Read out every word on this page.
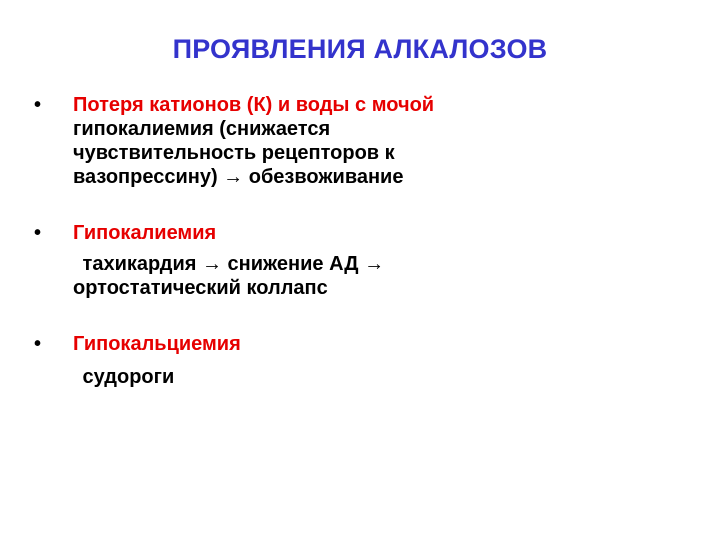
ПРОЯВЛЕНИЯ АЛКАЛОЗОВ
• Потеря катионов (К) и воды с мочой
гипокалиемия (снижается
чувствительность рецепторов к
вазопрессину) → обезвоживание
• Гипокалиемия
тахикардия → снижение АД →
ортостатический коллапс
• Гипокальциемия
судороги
